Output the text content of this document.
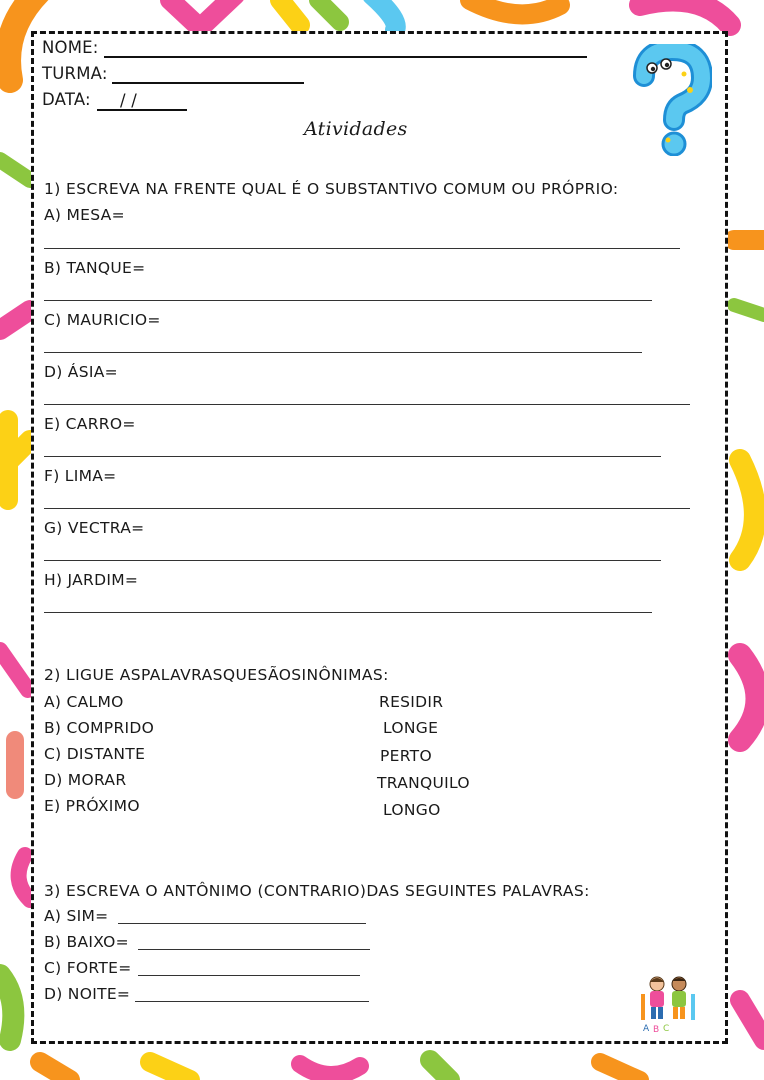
NOME:
TURMA:
DATA: / /
Atividades
1) ESCREVA NA FRENTE QUAL É O SUBSTANTIVO COMUM OU PRÓPRIO:
A) MESA=
B) TANQUE=
C) MAURICIO=
D) ÁSIA=
E) CARRO=
F) LIMA=
G) VECTRA=
H) JARDIM=
2) LIGUE ASPALAVRASQUESÃOSINÔNIMAS:
A) CALMO
B) COMPRIDO
C) DISTANTE
D) MORAR
E) PRÓXIMO
RESIDIR
LONGE
PERTO
TRANQUILO
LONGO
3) ESCREVA O ANTÔNIMO (CONTRARIO)DAS SEGUINTES PALAVRAS:
A) SIM=
B) BAIXO=
C) FORTE=
D) NOITE=
A B C
